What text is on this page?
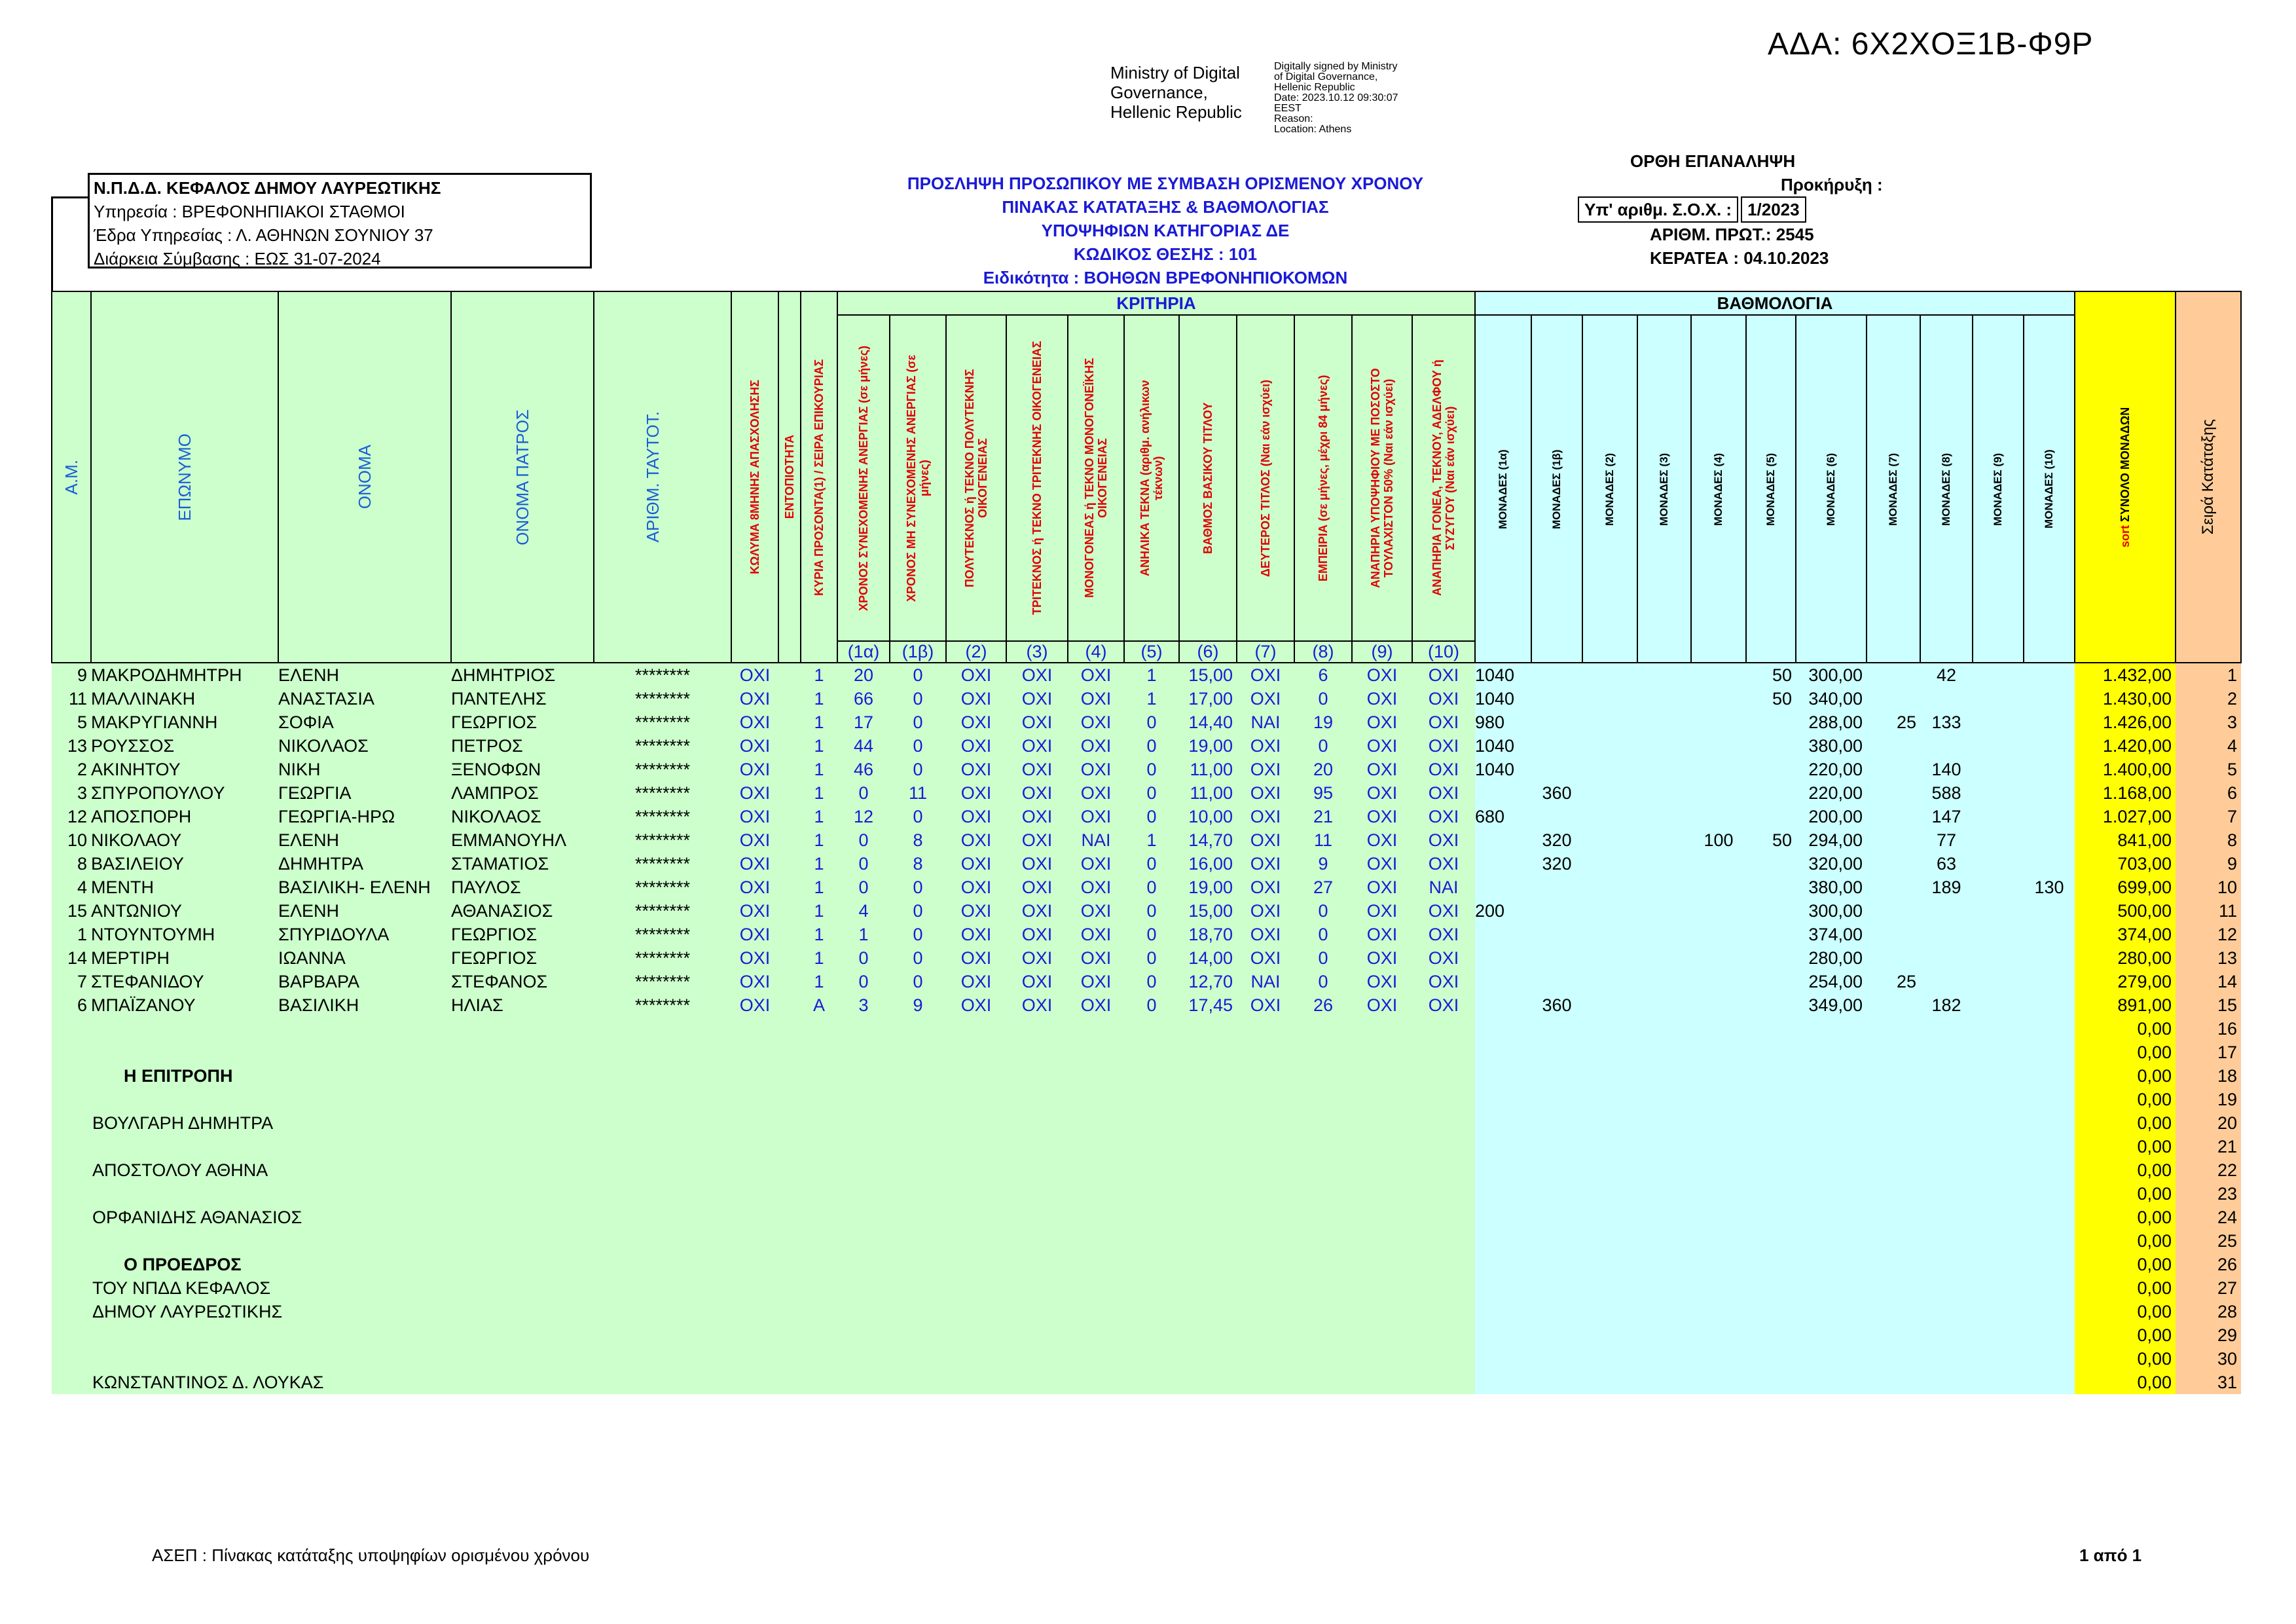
ΑΔΑ: 6Χ2ΧΟΞ1Β-Φ9Ρ
Ministry of Digital
Governance,
Hellenic Republic
Digitally signed by Ministry
of Digital Governance,
Hellenic Republic
Date: 2023.10.12 09:30:07
EEST
Reason:
Location: Athens
Ν.Π.Δ.Δ. ΚΕΦΑΛΟΣ ΔΗΜΟΥ ΛΑΥΡΕΩΤΙΚΗΣ
Υπηρεσία : ΒΡΕΦΟΝΗΠΙΑΚΟΙ ΣΤΑΘΜΟΙ
Έδρα Υπηρεσίας : Λ. ΑΘΗΝΩΝ ΣΟΥΝΙΟΥ 37
Διάρκεια Σύμβασης : ΕΩΣ 31-07-2024
ΠΡΟΣΛΗΨΗ ΠΡΟΣΩΠΙΚΟΥ ΜΕ ΣΥΜΒΑΣΗ ΟΡΙΣΜΕΝΟΥ ΧΡΟΝΟΥ
ΠΙΝΑΚΑΣ ΚΑΤΑΤΑΞΗΣ & ΒΑΘΜΟΛΟΓΙΑΣ
ΥΠΟΨΗΦΙΩΝ ΚΑΤΗΓΟΡΙΑΣ ΔΕ
ΚΩΔΙΚΟΣ ΘΕΣΗΣ : 101
Ειδικότητα : ΒΟΗΘΩΝ ΒΡΕΦΟΝΗΠΙΟΚΟΜΩΝ
ΟΡΘΗ ΕΠΑΝΑΛΗΨΗ
Προκήρυξη :
Υπ' αριθμ. Σ.Ο.Χ. : 1/2023
ΑΡΙΘΜ. ΠΡΩΤ.: 2545
ΚΕΡΑΤΕΑ : 04.10.2023
Α.Μ.	ΕΠΩΝΥΜΟ	ΟΝΟΜΑ	ΟΝΟΜΑ ΠΑΤΡΟΣ	ΑΡΙΘΜ. ΤΑΥΤΟΤ.	ΚΩΛΥΜΑ 8ΜΗΝΗΣ ΑΠΑΣΧΟΛΗΣΗΣ	ΕΝΤΟΠΙΟΤΗΤΑ	ΚΥΡΙΑ ΠΡΟΣΟΝΤΑ(1) / ΣΕΙΡΑ ΕΠΙΚΟΥΡΙΑΣ	ΚΡΙΤΗΡΙΑ											ΒΑΘΜΟΛΟΓΙΑ											sort ΣΥΝΟΛΟ ΜΟΝΑΔΩΝ	Σειρά Κατάταξης

								ΧΡΟΝΟΣ ΣΥΝΕΧΟΜΕΝΗΣ ΑΝΕΡΓΙΑΣ (σε μήνες)	ΧΡΟΝΟΣ ΜΗ ΣΥΝΕΧΟΜΕΝΗΣ ΑΝΕΡΓΙΑΣ (σε μήνες)	ΠΟΛΥΤΕΚΝΟΣ ή ΤΕΚΝΟ ΠΟΛΥΤΕΚΝΗΣ ΟΙΚΟΓΕΝΕΙΑΣ	ΤΡΙΤΕΚΝΟΣ ή ΤΕΚΝΟ ΤΡΙΤΕΚΝΗΣ ΟΙΚΟΓΕΝΕΙΑΣ	ΜΟΝΟΓΟΝΕΑΣ ή ΤΕΚΝΟ ΜΟΝΟΓΟΝΕΪΚΗΣ ΟΙΚΟΓΕΝΕΙΑΣ	ΑΝΗΛΙΚΑ ΤΕΚΝΑ (αριθμ. ανήλικων τέκνων)	ΒΑΘΜΟΣ ΒΑΣΙΚΟΥ ΤΙΤΛΟΥ	ΔΕΥΤΕΡΟΣ ΤΙΤΛΟΣ (Ναι εάν ισχύει)	ΕΜΠΕΙΡΙΑ (σε μήνες, μέχρι 84 μήνες)	ΑΝΑΠΗΡΙΑ ΥΠΟΨΗΦΙΟΥ ΜΕ ΠΟΣΟΣΤΟ ΤΟΥΛΑΧΙΣΤΟΝ 50% (Ναι εάν ισχύει)	ΑΝΑΠΗΡΙΑ ΓΟΝΕΑ, ΤΕΚΝΟΥ, ΑΔΕΛΦΟΥ ή ΣΥΖΥΓΟΥ (Ναι εάν ισχύει)	ΜΟΝΑΔΕΣ (1α)	ΜΟΝΑΔΕΣ (1β)	ΜΟΝΑΔΕΣ (2)	ΜΟΝΑΔΕΣ (3)	ΜΟΝΑΔΕΣ (4)	ΜΟΝΑΔΕΣ (5)	ΜΟΝΑΔΕΣ (6)	ΜΟΝΑΔΕΣ (7)	ΜΟΝΑΔΕΣ (8)	ΜΟΝΑΔΕΣ (9)	ΜΟΝΑΔΕΣ (10)		

								(1α)	(1β)	(2)	(3)	(4)	(5)	(6)	(7)	(8)	(9)	(10)													
9	ΜΑΚΡΟΔΗΜΗΤΡΗ	ΕΛΕΝΗ	ΔΗΜΗΤΡΙΟΣ	********	ΟΧΙ		1	20	0	ΟΧΙ	ΟΧΙ	ΟΧΙ	1	15,00	ΟΧΙ	6	ΟΧΙ	ΟΧΙ	1040					50	300,00		42			1.432,00	1
11	ΜΑΛΛΙΝΑΚΗ	ΑΝΑΣΤΑΣΙΑ	ΠΑΝΤΕΛΗΣ	********	ΟΧΙ		1	66	0	ΟΧΙ	ΟΧΙ	ΟΧΙ	1	17,00	ΟΧΙ	0	ΟΧΙ	ΟΧΙ	1040					50	340,00					1.430,00	2
5	ΜΑΚΡΥΓΙΑΝΝΗ	ΣΟΦΙΑ	ΓΕΩΡΓΙΟΣ	********	ΟΧΙ		1	17	0	ΟΧΙ	ΟΧΙ	ΟΧΙ	0	14,40	ΝΑΙ	19	ΟΧΙ	ΟΧΙ	980						288,00	25	133			1.426,00	3
13	ΡΟΥΣΣΟΣ	ΝΙΚΟΛΑΟΣ	ΠΕΤΡΟΣ	********	ΟΧΙ		1	44	0	ΟΧΙ	ΟΧΙ	ΟΧΙ	0	19,00	ΟΧΙ	0	ΟΧΙ	ΟΧΙ	1040						380,00					1.420,00	4
2	ΑΚΙΝΗΤΟΥ	ΝΙΚΗ	ΞΕΝΟΦΩΝ	********	ΟΧΙ		1	46	0	ΟΧΙ	ΟΧΙ	ΟΧΙ	0	11,00	ΟΧΙ	20	ΟΧΙ	ΟΧΙ	1040						220,00		140			1.400,00	5
3	ΣΠΥΡΟΠΟΥΛΟΥ	ΓΕΩΡΓΙΑ	ΛΑΜΠΡΟΣ	********	ΟΧΙ		1	0	11	ΟΧΙ	ΟΧΙ	ΟΧΙ	0	11,00	ΟΧΙ	95	ΟΧΙ	ΟΧΙ		360					220,00		588			1.168,00	6
12	ΑΠΟΣΠΟΡΗ	ΓΕΩΡΓΙΑ-ΗΡΩ	ΝΙΚΟΛΑΟΣ	********	ΟΧΙ		1	12	0	ΟΧΙ	ΟΧΙ	ΟΧΙ	0	10,00	ΟΧΙ	21	ΟΧΙ	ΟΧΙ	680						200,00		147			1.027,00	7
10	ΝΙΚΟΛΑΟΥ	ΕΛΕΝΗ	ΕΜΜΑΝΟΥΗΛ	********	ΟΧΙ		1	0	8	ΟΧΙ	ΟΧΙ	ΝΑΙ	1	14,70	ΟΧΙ	11	ΟΧΙ	ΟΧΙ		320			100	50	294,00		77			841,00	8
8	ΒΑΣΙΛΕΙΟΥ	ΔΗΜΗΤΡΑ	ΣΤΑΜΑΤΙΟΣ	********	ΟΧΙ		1	0	8	ΟΧΙ	ΟΧΙ	ΟΧΙ	0	16,00	ΟΧΙ	9	ΟΧΙ	ΟΧΙ		320					320,00		63			703,00	9
4	ΜΕΝΤΗ	ΒΑΣΙΛΙΚΗ- ΕΛΕΝΗ	ΠΑΥΛΟΣ	********	ΟΧΙ		1	0	0	ΟΧΙ	ΟΧΙ	ΟΧΙ	0	19,00	ΟΧΙ	27	ΟΧΙ	ΝΑΙ							380,00		189		130	699,00	10
15	ΑΝΤΩΝΙΟΥ	ΕΛΕΝΗ	ΑΘΑΝΑΣΙΟΣ	********	ΟΧΙ		1	4	0	ΟΧΙ	ΟΧΙ	ΟΧΙ	0	15,00	ΟΧΙ	0	ΟΧΙ	ΟΧΙ	200						300,00					500,00	11
1	ΝΤΟΥΝΤΟΥΜΗ	ΣΠΥΡΙΔΟΥΛΑ	ΓΕΩΡΓΙΟΣ	********	ΟΧΙ		1	1	0	ΟΧΙ	ΟΧΙ	ΟΧΙ	0	18,70	ΟΧΙ	0	ΟΧΙ	ΟΧΙ							374,00					374,00	12
14	ΜΕΡΤΙΡΗ	ΙΩΑΝΝΑ	ΓΕΩΡΓΙΟΣ	********	ΟΧΙ		1	0	0	ΟΧΙ	ΟΧΙ	ΟΧΙ	0	14,00	ΟΧΙ	0	ΟΧΙ	ΟΧΙ							280,00					280,00	13
7	ΣΤΕΦΑΝΙΔΟΥ	ΒΑΡΒΑΡΑ	ΣΤΕΦΑΝΟΣ	********	ΟΧΙ		1	0	0	ΟΧΙ	ΟΧΙ	ΟΧΙ	0	12,70	ΝΑΙ	0	ΟΧΙ	ΟΧΙ							254,00	25				279,00	14
6	ΜΠΑΪΖΑΝΟΥ	ΒΑΣΙΛΙΚΗ	ΗΛΙΑΣ	********	ΟΧΙ		Α	3	9	ΟΧΙ	ΟΧΙ	ΟΧΙ	0	17,45	ΟΧΙ	26	ΟΧΙ	ΟΧΙ		360					349,00		182			891,00	15
																														0,00	16
																														0,00	17
Η ΕΠΙΤΡΟΠΗ																														0,00	18
																														0,00	19
ΒΟΥΛΓΑΡΗ ΔΗΜΗΤΡΑ																														0,00	20
																														0,00	21
ΑΠΟΣΤΟΛΟΥ ΑΘΗΝΑ																														0,00	22
																														0,00	23
ΟΡΦΑΝΙΔΗΣ ΑΘΑΝΑΣΙΟΣ																														0,00	24
																														0,00	25
Ο ΠΡΟΕΔΡΟΣ																														0,00	26
ΤΟΥ ΝΠΔΔ ΚΕΦΑΛΟΣ																														0,00	27
ΔΗΜΟΥ ΛΑΥΡΕΩΤΙΚΗΣ																														0,00	28
																														0,00	29
																														0,00	30
ΚΩΝΣΤΑΝΤΙΝΟΣ Δ. ΛΟΥΚΑΣ																														0,00	31
ΑΣΕΠ : Πίνακας κατάταξης υποψηφίων ορισμένου χρόνου	1 από 1
